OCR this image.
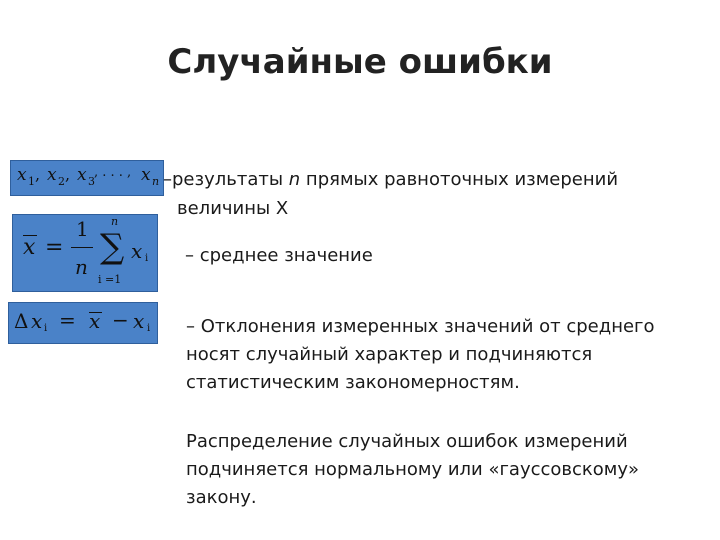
Случайные ошибки
x 1 , x 2 , x 3
, . . . , x n
x =
1
n
n
∑
i =1
x i
Δ x i = x − x i
–результаты n прямых равноточных измерений
величины Х
– среднее значение
– Отклонения измеренных значений от среднего
носят случайный характер и подчиняются
статистическим закономерностям.
Распределение случайных ошибок измерений
подчиняется нормальному или «гауссовскому»
закону.
